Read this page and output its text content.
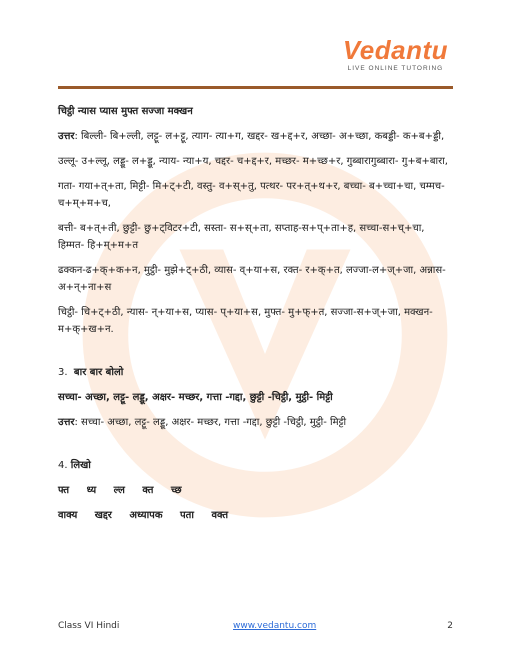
Vedantu
LIVE ONLINE TUTORING

चिट्ठी न्यास प्यास मुफ्त सज्जा मक्खन

उत्तर: बिल्ली- बि+ल्ली, लट्टू- ल+ट्टू, त्याग- त्या+ग, खद्दर- ख+द्द+र, अच्छा- अ+च्छा, कबड्डी- क+ब+ड्डी,

उल्लू- उ+ल्लू, लड्डू- ल+ड्डू, न्याय- न्या+य, चद्दर- च+द्द+र, मच्छर- म+च्छ+र, गुब्बारागुब्बारा- गु+ब+बारा,

गता- गया+त्+ता, मिट्टी- मि+ट्+टी, वस्तु- व+स्+तु, पत्थर- पर+त्+थ+र, बच्चा- ब+च्चा+चा, चम्मच-च+म्+म+च,

बत्ती- ब+त्+ती, छुट्टी- छु+ट्विटर+टी, सस्ता- स+स्+ता, सप्ताह-स+प्+ता+ह, सच्चा-स+च्+चा, हिम्मत- हि+म्+म+त

ढक्कन-ढ+क्+क+न, मुट्ठी- मुझे+ट्+ठी, व्यास- व्+या+स, रक्त- र+क्+त, लज्जा-ल+ज्+जा, अन्नास- अ+न्+ना+स

चिट्ठी- चि+ट्+ठी, न्यास- न्+या+स, प्यास- प्+या+स, मुफ्त- मु+फ्+त, सज्जा-स+ज्+जा, मक्खन- म+क्+ख+न.

3. बार बार बोलो

सच्चा- अच्छा, लट्टू- लड्डू, अक्षर- मच्छर, गत्ता -गद्दा, छुट्टी -चिट्ठी, मुट्ठी- मिट्टी

उत्तर: सच्चा- अच्छा, लट्टू- लड्डू, अक्षर- मच्छर, गत्ता -गद्दा, छुट्टी -चिट्ठी, मुट्ठी- मिट्टी

4. लिखो

फ्त ध्य ल्ल क्त च्छ

वाक्य खद्दर अध्यापक पता वक्त

Class VI Hindi	www.vedantu.com	2
